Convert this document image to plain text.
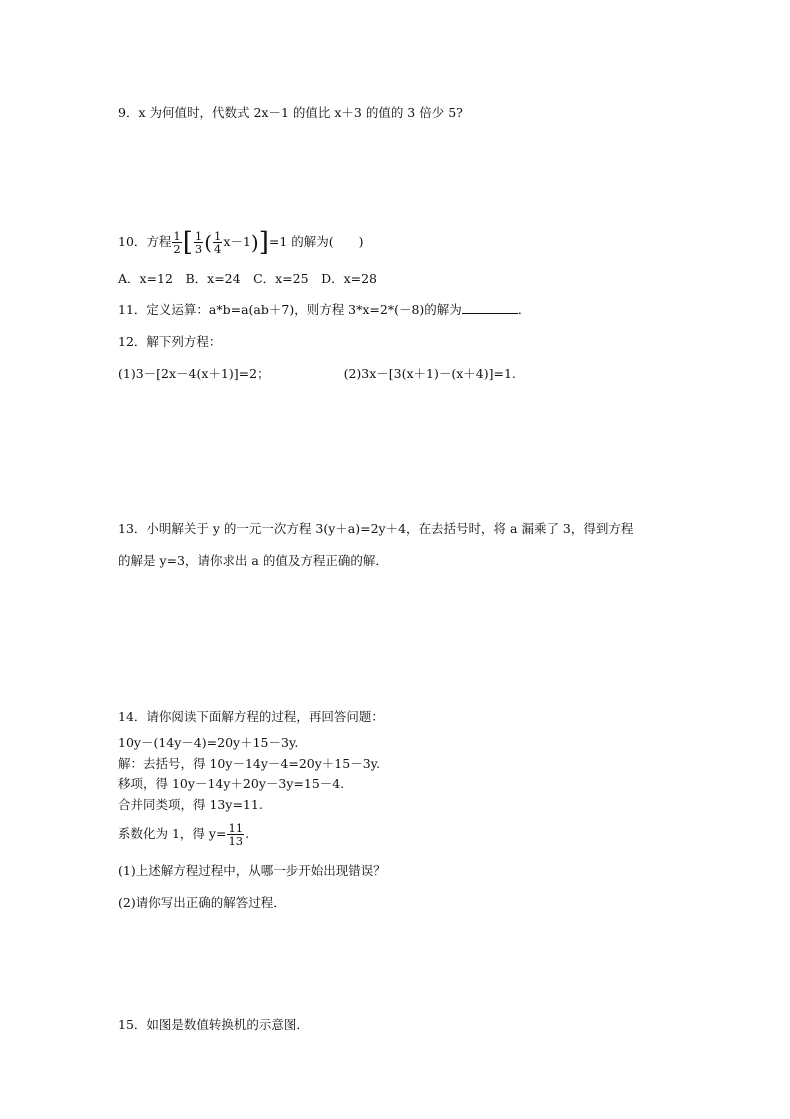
9．x 为何值时，代数式 2x－1 的值比 x＋3 的值的 3 倍少 5?
10．方程 $\frac{1}{2}$ [ $\frac{1}{3}$ ( $\frac{1}{4} x-1)]=1$ 的解为(　　)
A．x=12　B．x=24　C．x=25　D．x=28
11．定义运算：a*b=a(ab＋7)，则方程 3*x=2*(－8)的解为	．
12．解下列方程：
(1)3－[2x－4(x＋1)]=2；	(2)3x－[3(x＋1)－(x＋4)]=1.
13．小明解关于 y 的一元一次方程 3(y＋a)=2y＋4，在去括号时，将 a 漏乘了 3，得到方程
的解是 y=3，请你求出 a 的值及方程正确的解．
14．请你阅读下面解方程的过程，再回答问题：
10y－(14y－4)=20y＋15－3y.
解：去括号，得 10y－14y－4=20y＋15－3y.
移项，得 10y－14y＋20y－3y=15－4.
合并同类项，得 13y=11.
系数化为 1，得 $y= \frac{11}{13}$ .
(1)上述解方程过程中，从哪一步开始出现错误？
(2)请你写出正确的解答过程．
15．如图是数值转换机的示意图．
